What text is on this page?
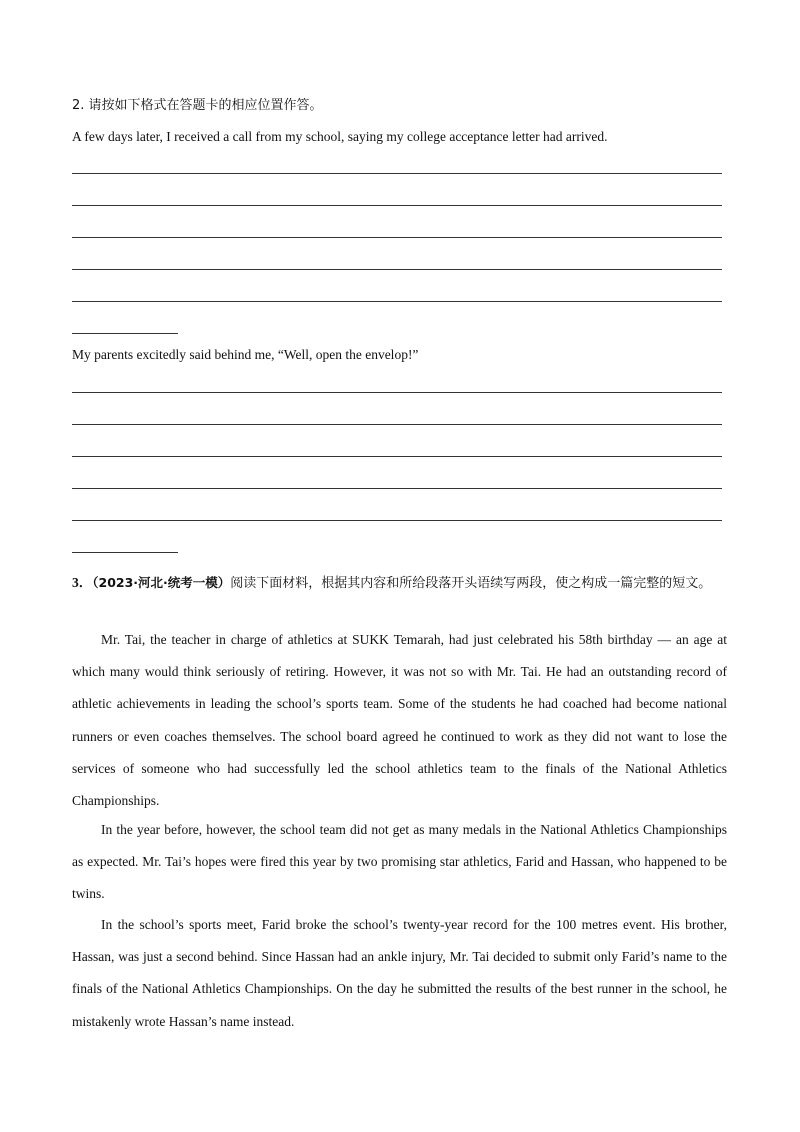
2. 请按如下格式在答题卡的相应位置作答。
A few days later, I received a call from my school, saying my college acceptance letter had arrived.
My parents excitedly said behind me, “Well, open the envelop!”
3．（2023·河北·统考一模）阅读下面材料，根据其内容和所给段落开头语续写两段，使之构成一篇完整的短文。
Mr. Tai, the teacher in charge of athletics at SUKK Temarah, had just celebrated his 58th birthday — an age at which many would think seriously of retiring. However, it was not so with Mr. Tai. He had an outstanding record of athletic achievements in leading the school’s sports team. Some of the students he had coached had become national runners or even coaches themselves. The school board agreed he continued to work as they did not want to lose the services of someone who had successfully led the school athletics team to the finals of the National Athletics Championships.
In the year before, however, the school team did not get as many medals in the National Athletics Championships as expected. Mr. Tai’s hopes were fired this year by two promising star athletics, Farid and Hassan, who happened to be twins.
In the school’s sports meet, Farid broke the school’s twenty-year record for the 100 metres event. His brother, Hassan, was just a second behind. Since Hassan had an ankle injury, Mr. Tai decided to submit only Farid’s name to the finals of the National Athletics Championships. On the day he submitted the results of the best runner in the school, he mistakenly wrote Hassan’s name instead.
